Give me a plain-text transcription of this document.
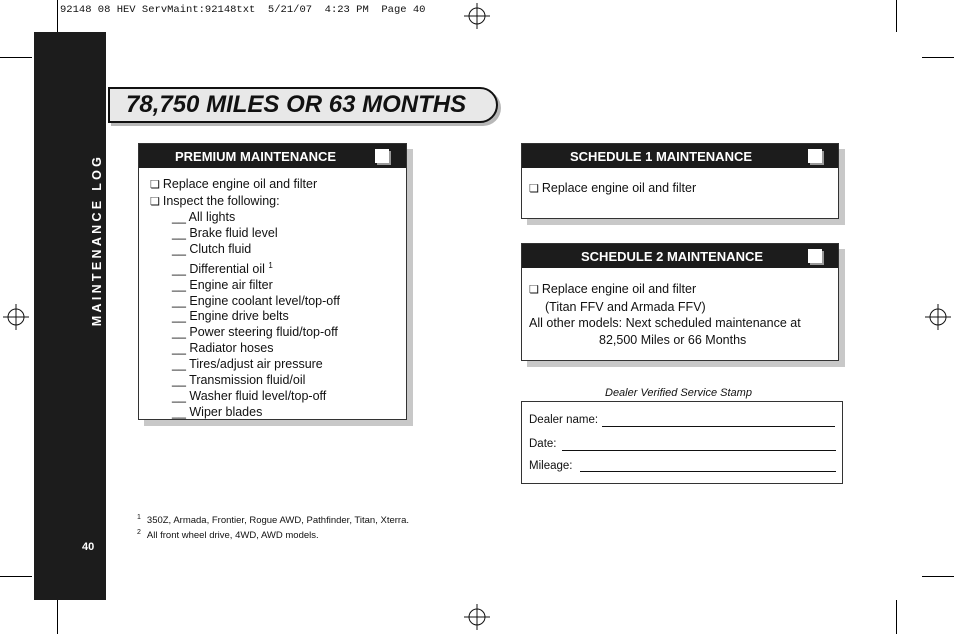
92148 08 HEV ServMaint:92148txt  5/21/07  4:23 PM  Page 40
MAINTENANCE LOG
40
78,750 MILES OR 63 MONTHS
PREMIUM MAINTENANCE
❏ Replace engine oil and filter
❏ Inspect the following:
__ All lights
__ Brake fluid level
__ Clutch fluid
__ Differential oil $^1$
__ Engine air filter
__ Engine coolant level/top-off
__ Engine drive belts
__ Power steering fluid/top-off
__ Radiator hoses
__ Tires/adjust air pressure
__ Transmission fluid/oil
__ Washer fluid level/top-off
__ Wiper blades
SCHEDULE 1 MAINTENANCE
❏ Replace engine oil and filter
SCHEDULE 2 MAINTENANCE
❏ Replace engine oil and filter
(Titan FFV and Armada FFV)
All other models: Next scheduled maintenance at
82,500 Miles or 66 Months
Dealer Verified Service Stamp
Dealer name:
Date:
Mileage:
$^1$ 350Z, Armada, Frontier, Rogue AWD, Pathfinder, Titan, Xterra.
$^2$ All front wheel drive, 4WD, AWD models.
